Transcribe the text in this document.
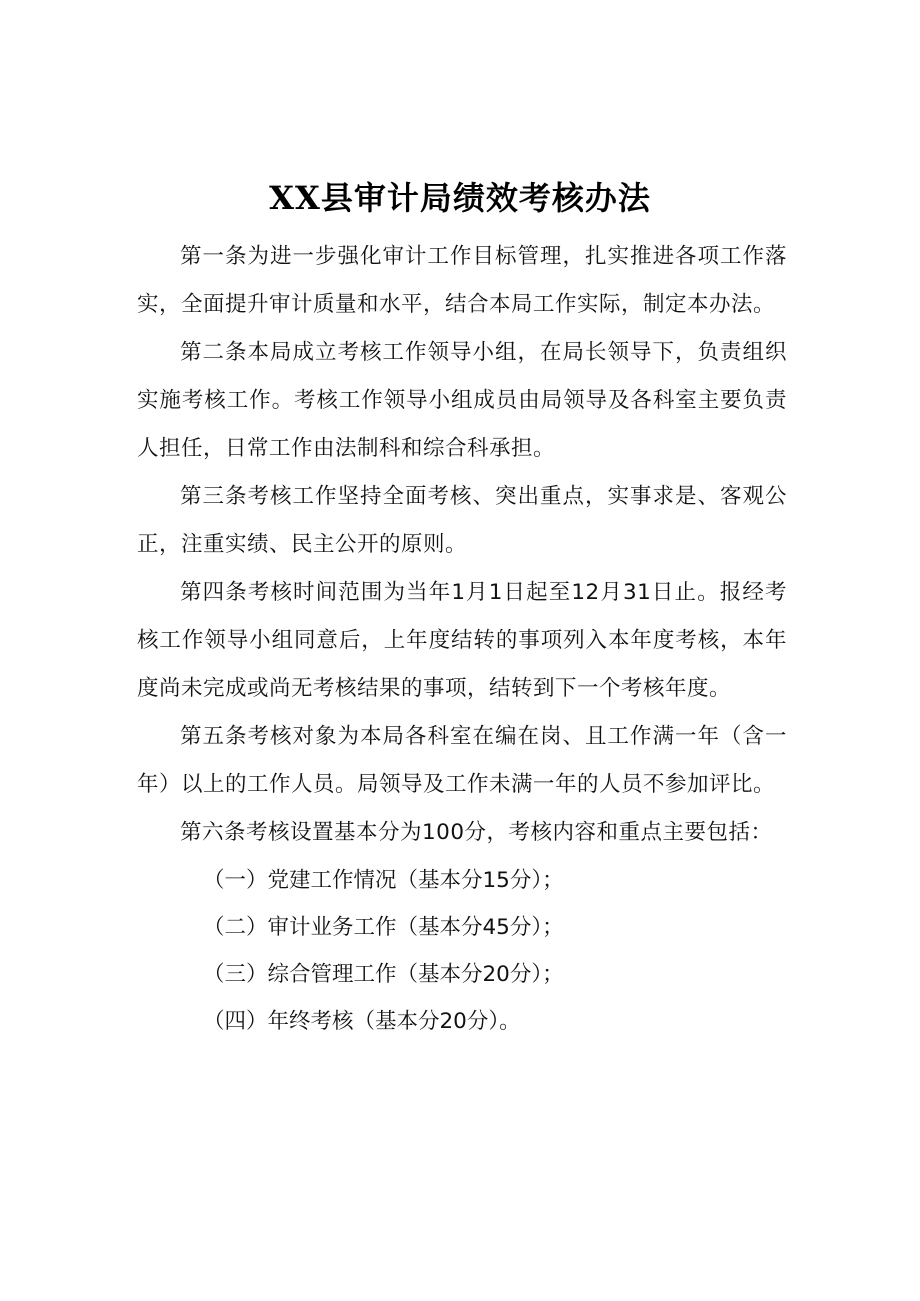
XX县审计局绩效考核办法

第一条为进一步强化审计工作目标管理，扎实推进各项工作落实，全面提升审计质量和水平，结合本局工作实际，制定本办法。

第二条本局成立考核工作领导小组，在局长领导下，负责组织实施考核工作。考核工作领导小组成员由局领导及各科室主要负责人担任，日常工作由法制科和综合科承担。

第三条考核工作坚持全面考核、突出重点，实事求是、客观公正，注重实绩、民主公开的原则。

第四条考核时间范围为当年1月1日起至12月31日止。报经考核工作领导小组同意后，上年度结转的事项列入本年度考核，本年度尚未完成或尚无考核结果的事项，结转到下一个考核年度。

第五条考核对象为本局各科室在编在岗、且工作满一年（含一年）以上的工作人员。局领导及工作未满一年的人员不参加评比。

第六条考核设置基本分为100分，考核内容和重点主要包括：

（一）党建工作情况（基本分15分）；
（二）审计业务工作（基本分45分）；
（三）综合管理工作（基本分20分）；
（四）年终考核（基本分20分）。
